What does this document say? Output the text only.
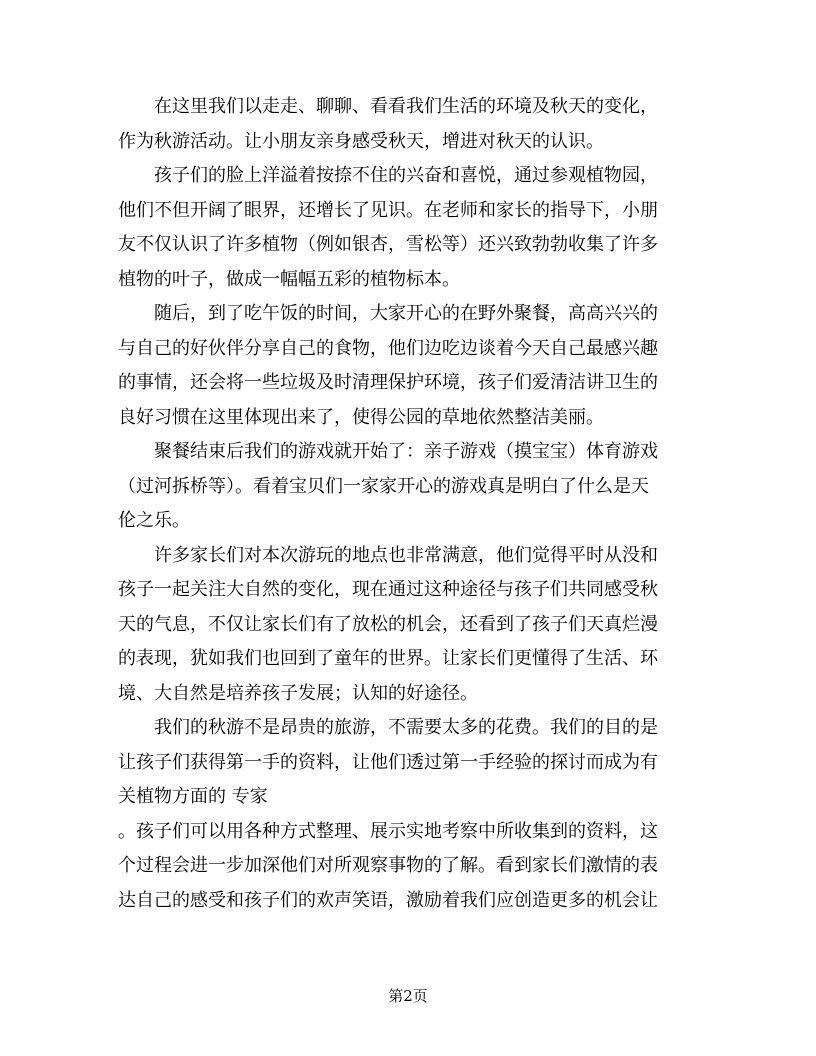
在这里我们以走走、聊聊、看看我们生活的环境及秋天的变化，
作为秋游活动。让小朋友亲身感受秋天，增进对秋天的认识。

孩子们的脸上洋溢着按捺不住的兴奋和喜悦，通过参观植物园，
他们不但开阔了眼界，还增长了见识。在老师和家长的指导下，小朋
友不仅认识了许多植物（例如银杏，雪松等）还兴致勃勃收集了许多
植物的叶子，做成一幅幅五彩的植物标本。

随后，到了吃午饭的时间，大家开心的在野外聚餐，高高兴兴的
与自己的好伙伴分享自己的食物，他们边吃边谈着今天自己最感兴趣
的事情，还会将一些垃圾及时清理保护环境，孩子们爱清洁讲卫生的
良好习惯在这里体现出来了，使得公园的草地依然整洁美丽。

聚餐结束后我们的游戏就开始了：亲子游戏（摸宝宝）体育游戏
（过河拆桥等）。看着宝贝们一家家开心的游戏真是明白了什么是天
伦之乐。

许多家长们对本次游玩的地点也非常满意，他们觉得平时从没和
孩子一起关注大自然的变化，现在通过这种途径与孩子们共同感受秋
天的气息，不仅让家长们有了放松的机会，还看到了孩子们天真烂漫
的表现，犹如我们也回到了童年的世界。让家长们更懂得了生活、环
境、大自然是培养孩子发展；认知的好途径。

我们的秋游不是昂贵的旅游，不需要太多的花费。我们的目的是
让孩子们获得第一手的资料，让他们透过第一手经验的探讨而成为有
关植物方面的 专家

。孩子们可以用各种方式整理、展示实地考察中所收集到的资料，这
个过程会进一步加深他们对所观察事物的了解。看到家长们激情的表
达自己的感受和孩子们的欢声笑语，激励着我们应创造更多的机会让

第2页
